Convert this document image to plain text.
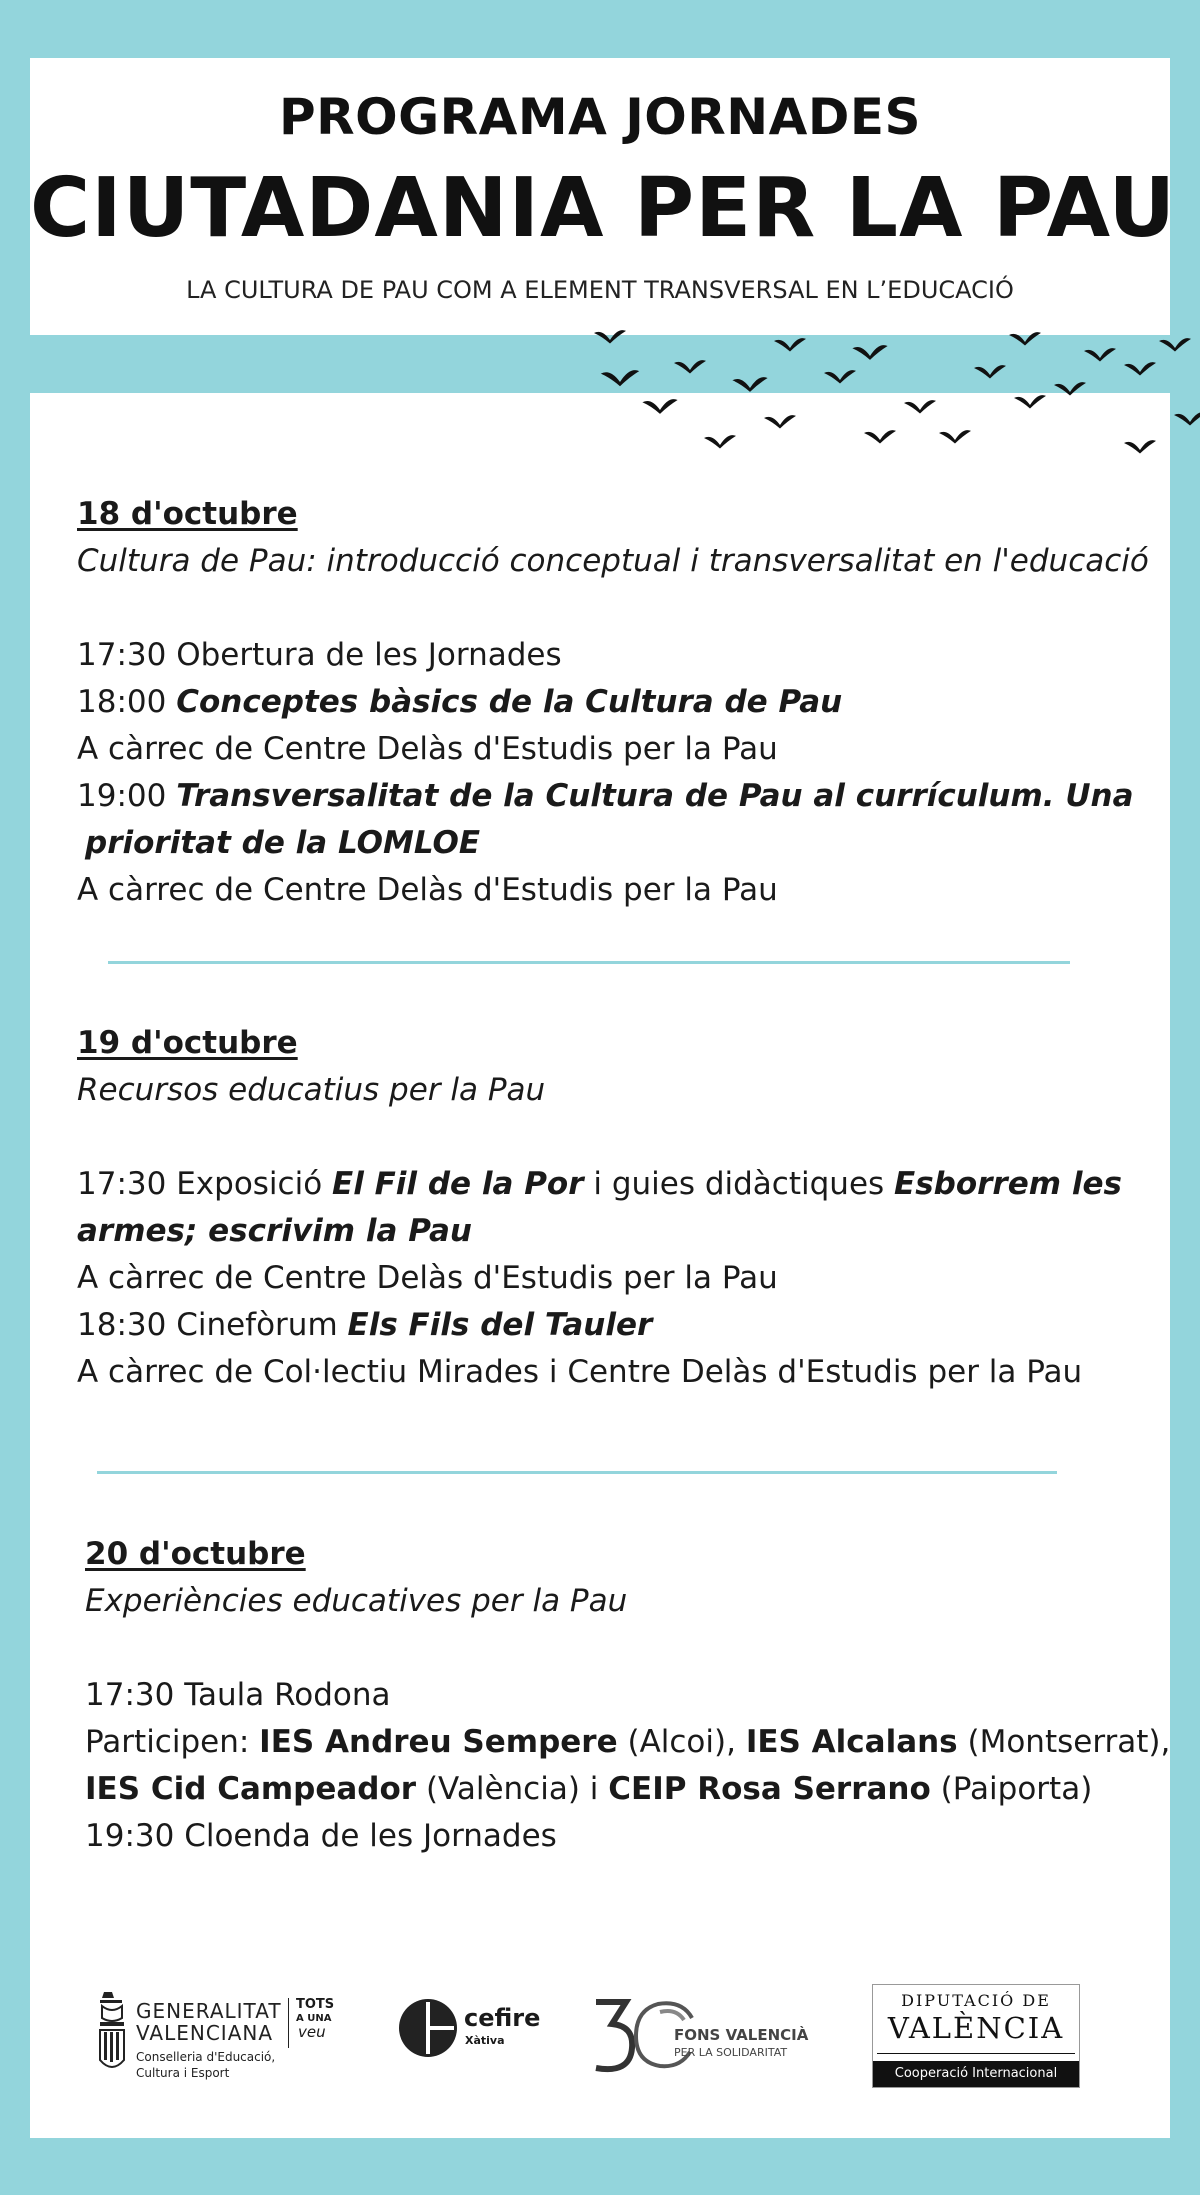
PROGRAMA JORNADES
CIUTADANIA PER LA PAU
LA CULTURA DE PAU COM A ELEMENT TRANSVERSAL EN L’EDUCACIÓ
18 d'octubre
Cultura de Pau: introducció conceptual i transversalitat en l'educació
17:30 Obertura de les Jornades
18:00 Conceptes bàsics de la Cultura de Pau
A càrrec de Centre Delàs d'Estudis per la Pau
19:00 Transversalitat de la Cultura de Pau al currículum. Una
prioritat de la LOMLOE
A càrrec de Centre Delàs d'Estudis per la Pau
19 d'octubre
Recursos educatius per la Pau
17:30 Exposició El Fil de la Por i guies didàctiques Esborrem les
armes; escrivim la Pau
A càrrec de Centre Delàs d'Estudis per la Pau
18:30 Cinefòrum Els Fils del Tauler
A càrrec de Col·lectiu Mirades i Centre Delàs d'Estudis per la Pau
20 d'octubre
Experiències educatives per la Pau
17:30 Taula Rodona
Participen: IES Andreu Sempere (Alcoi), IES Alcalans (Montserrat),
IES Cid Campeador (València) i CEIP Rosa Serrano (Paiporta)
19:30 Cloenda de les Jornades
GENERALITAT
VALENCIANA
Conselleria d'Educació,
Cultura i Esport
TOTS
A UNA
veu	cefire
Xàtiva	FONS VALENCIÀ
PER LA SOLIDARITAT
DIPUTACIÓ DE
VALÈNCIA
Cooperació Internacional
